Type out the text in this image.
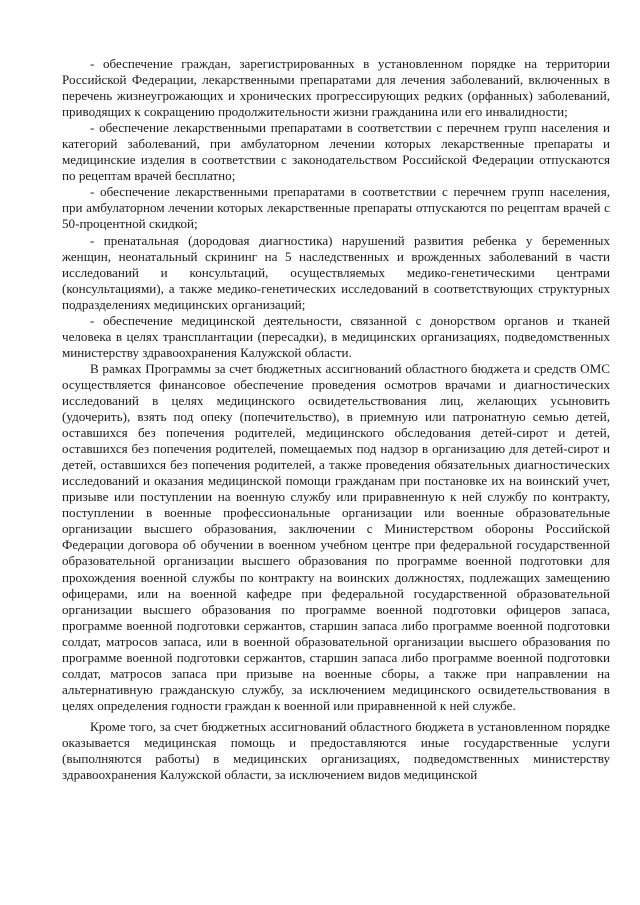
- обеспечение граждан, зарегистрированных в установленном порядке на территории Российской Федерации, лекарственными препаратами для лечения заболеваний, включенных в перечень жизнеугрожающих и хронических прогрессирующих редких (орфанных) заболеваний, приводящих к сокращению продолжительности жизни гражданина или его инвалидности;

- обеспечение лекарственными препаратами в соответствии с перечнем групп населения и категорий заболеваний, при амбулаторном лечении которых лекарственные препараты и медицинские изделия в соответствии с законодательством Российской Федерации отпускаются по рецептам врачей бесплатно;

- обеспечение лекарственными препаратами в соответствии с перечнем групп населения, при амбулаторном лечении которых лекарственные препараты отпускаются по рецептам врачей с 50-процентной скидкой;

- пренатальная (дородовая диагностика) нарушений развития ребенка у беременных женщин, неонатальный скрининг на 5 наследственных и врожденных заболеваний в части исследований и консультаций, осуществляемых медико-генетическими центрами (консультациями), а также медико-генетических исследований в соответствующих структурных подразделениях медицинских организаций;

- обеспечение медицинской деятельности, связанной с донорством органов и тканей человека в целях трансплантации (пересадки), в медицинских организациях, подведомственных министерству здравоохранения Калужской области.

В рамках Программы за счет бюджетных ассигнований областного бюджета и средств ОМС осуществляется финансовое обеспечение проведения осмотров врачами и диагностических исследований в целях медицинского освидетельствования лиц, желающих усыновить (удочерить), взять под опеку (попечительство), в приемную или патронатную семью детей, оставшихся без попечения родителей, медицинского обследования детей-сирот и детей, оставшихся без попечения родителей, помещаемых под надзор в организацию для детей-сирот и детей, оставшихся без попечения родителей, а также проведения обязательных диагностических исследований и оказания медицинской помощи гражданам при постановке их на воинский учет, призыве или поступлении на военную службу или приравненную к ней службу по контракту, поступлении в военные профессиональные организации или военные образовательные организации высшего образования, заключении с Министерством обороны Российской Федерации договора об обучении в военном учебном центре при федеральной государственной образовательной организации высшего образования по программе военной подготовки для прохождения военной службы по контракту на воинских должностях, подлежащих замещению офицерами, или на военной кафедре при федеральной государственной образовательной организации высшего образования по программе военной подготовки офицеров запаса, программе военной подготовки сержантов, старшин запаса либо программе военной подготовки солдат, матросов запаса, или в военной образовательной организации высшего образования по программе военной подготовки сержантов, старшин запаса либо программе военной подготовки солдат, матросов запаса при призыве на военные сборы, а также при направлении на альтернативную гражданскую службу, за исключением медицинского освидетельствования в целях определения годности граждан к военной или приравненной к ней службе.

Кроме того, за счет бюджетных ассигнований областного бюджета в установленном порядке оказывается медицинская помощь и предоставляются иные государственные услуги (выполняются работы) в медицинских организациях, подведомственных министерству здравоохранения Калужской области, за исключением видов медицинской
